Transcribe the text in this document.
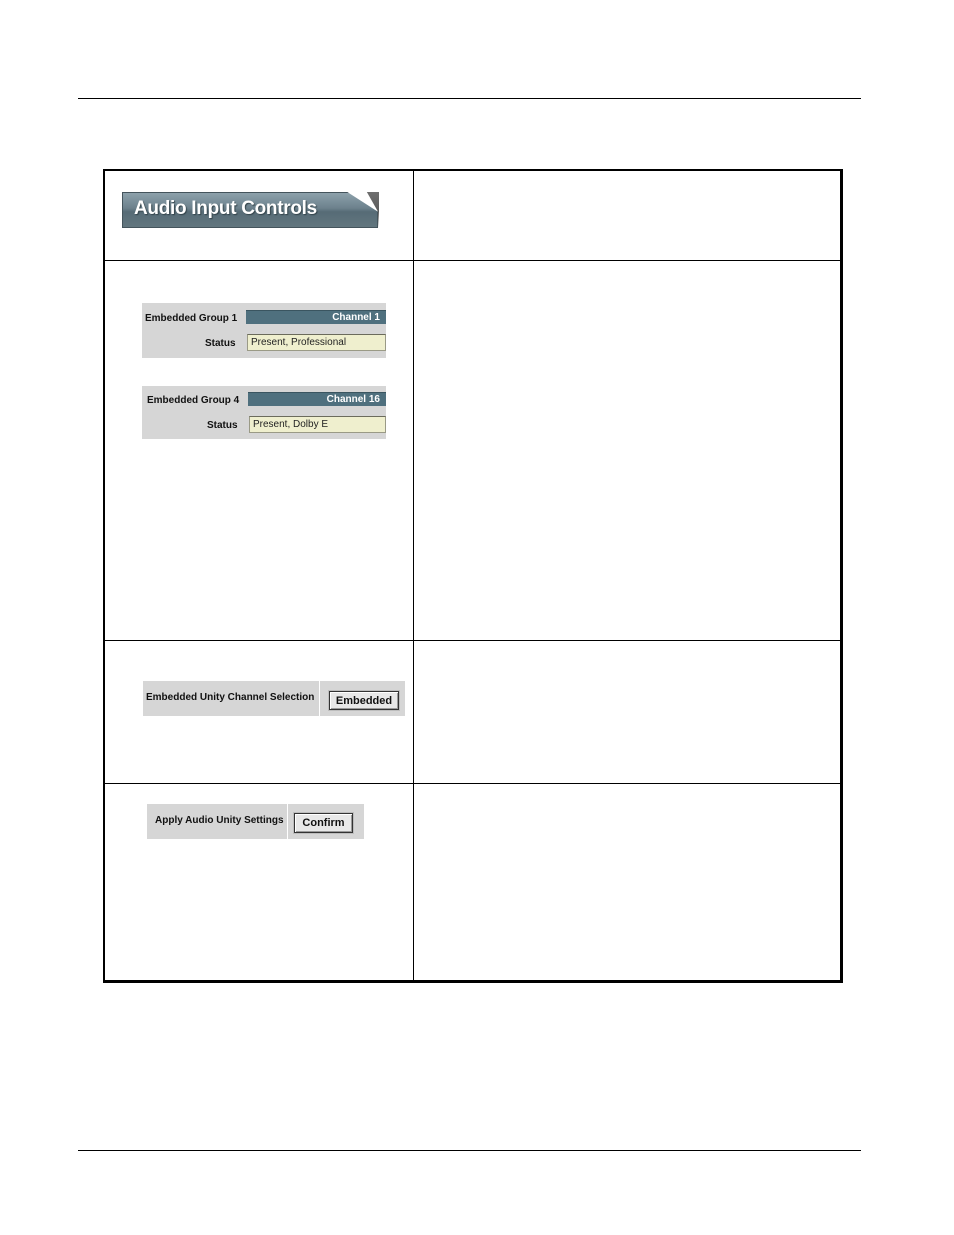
Audio Input Controls
Embedded Group 1	Channel 1
Status	Present, Professional
Embedded Group 4	Channel 16
Status	Present, Dolby E
Embedded Unity Channel Selection	Embedded
Apply Audio Unity Settings	Confirm
